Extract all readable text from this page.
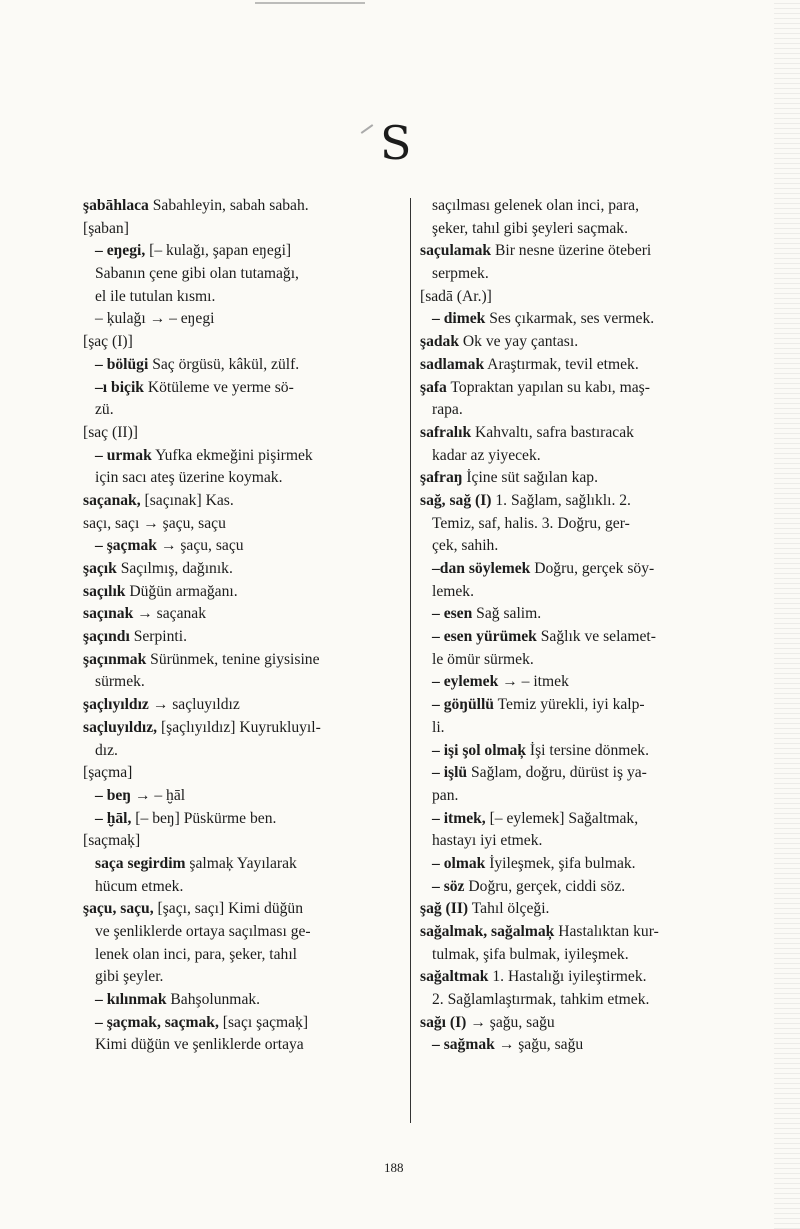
S
şabāhlaca Sabahleyin, sabah sabah.
[şaban]
– eŋegi, [– kulağı, şapan eŋegi]
Sabanın çene gibi olan tutamağı,
el ile tutulan kısmı.
– ķulağı → – eŋegi
[şaç (I)]
– bölügi Saç örgüsü, kâkül, zülf.
–ı biçik Kötüleme ve yerme sö-
zü.
[saç (II)]
– urmak Yufka ekmeğini pişirmek
için sacı ateş üzerine koymak.
saçanak, [saçınak] Kas.
saçı, saçı → şaçu, saçu
– şaçmak → şaçu, saçu
şaçık Saçılmış, dağınık.
saçılık Düğün armağanı.
saçınak → saçanak
şaçındı Serpinti.
şaçınmak Sürünmek, tenine giysisine
sürmek.
şaçlıyıldız → saçluyıldız
saçluyıldız, [şaçlıyıldız] Kuyrukluyıl-
dız.
[şaçma]
– beŋ → – ḫāl
– ḫāl, [– beŋ] Püskürme ben.
[saçmaķ]
saça segirdim şalmaķ Yayılarak
hücum etmek.
şaçu, saçu, [şaçı, saçı] Kimi düğün
ve şenliklerde ortaya saçılması ge-
lenek olan inci, para, şeker, tahıl
gibi şeyler.
– kılınmak Bahşolunmak.
– şaçmak, saçmak, [saçı şaçmaķ]
Kimi düğün ve şenliklerde ortaya
saçılması gelenek olan inci, para,
şeker, tahıl gibi şeyleri saçmak.
saçulamak Bir nesne üzerine öteberi
serpmek.
[sadā (Ar.)]
– dimek Ses çıkarmak, ses vermek.
şadak Ok ve yay çantası.
sadlamak Araştırmak, tevil etmek.
şafa Topraktan yapılan su kabı, maş-
rapa.
safralık Kahvaltı, safra bastıracak
kadar az yiyecek.
şafraŋ İçine süt sağılan kap.
sağ, sağ (I) 1. Sağlam, sağlıklı. 2.
Temiz, saf, halis. 3. Doğru, ger-
çek, sahih.
–dan söylemek Doğru, gerçek söy-
lemek.
– esen Sağ salim.
– esen yürümek Sağlık ve selamet-
le ömür sürmek.
– eylemek → – itmek
– göŋüllü Temiz yürekli, iyi kalp-
li.
– işi şol olmaķ İşi tersine dönmek.
– işlü Sağlam, doğru, dürüst iş ya-
pan.
– itmek, [– eylemek] Sağaltmak,
hastayı iyi etmek.
– olmak İyileşmek, şifa bulmak.
– söz Doğru, gerçek, ciddi söz.
şağ (II) Tahıl ölçeği.
sağalmak, sağalmaķ Hastalıktan kur-
tulmak, şifa bulmak, iyileşmek.
sağaltmak 1. Hastalığı iyileştirmek.
2. Sağlamlaştırmak, tahkim etmek.
sağı (I) → şağu, sağu
– sağmak → şağu, sağu
188
